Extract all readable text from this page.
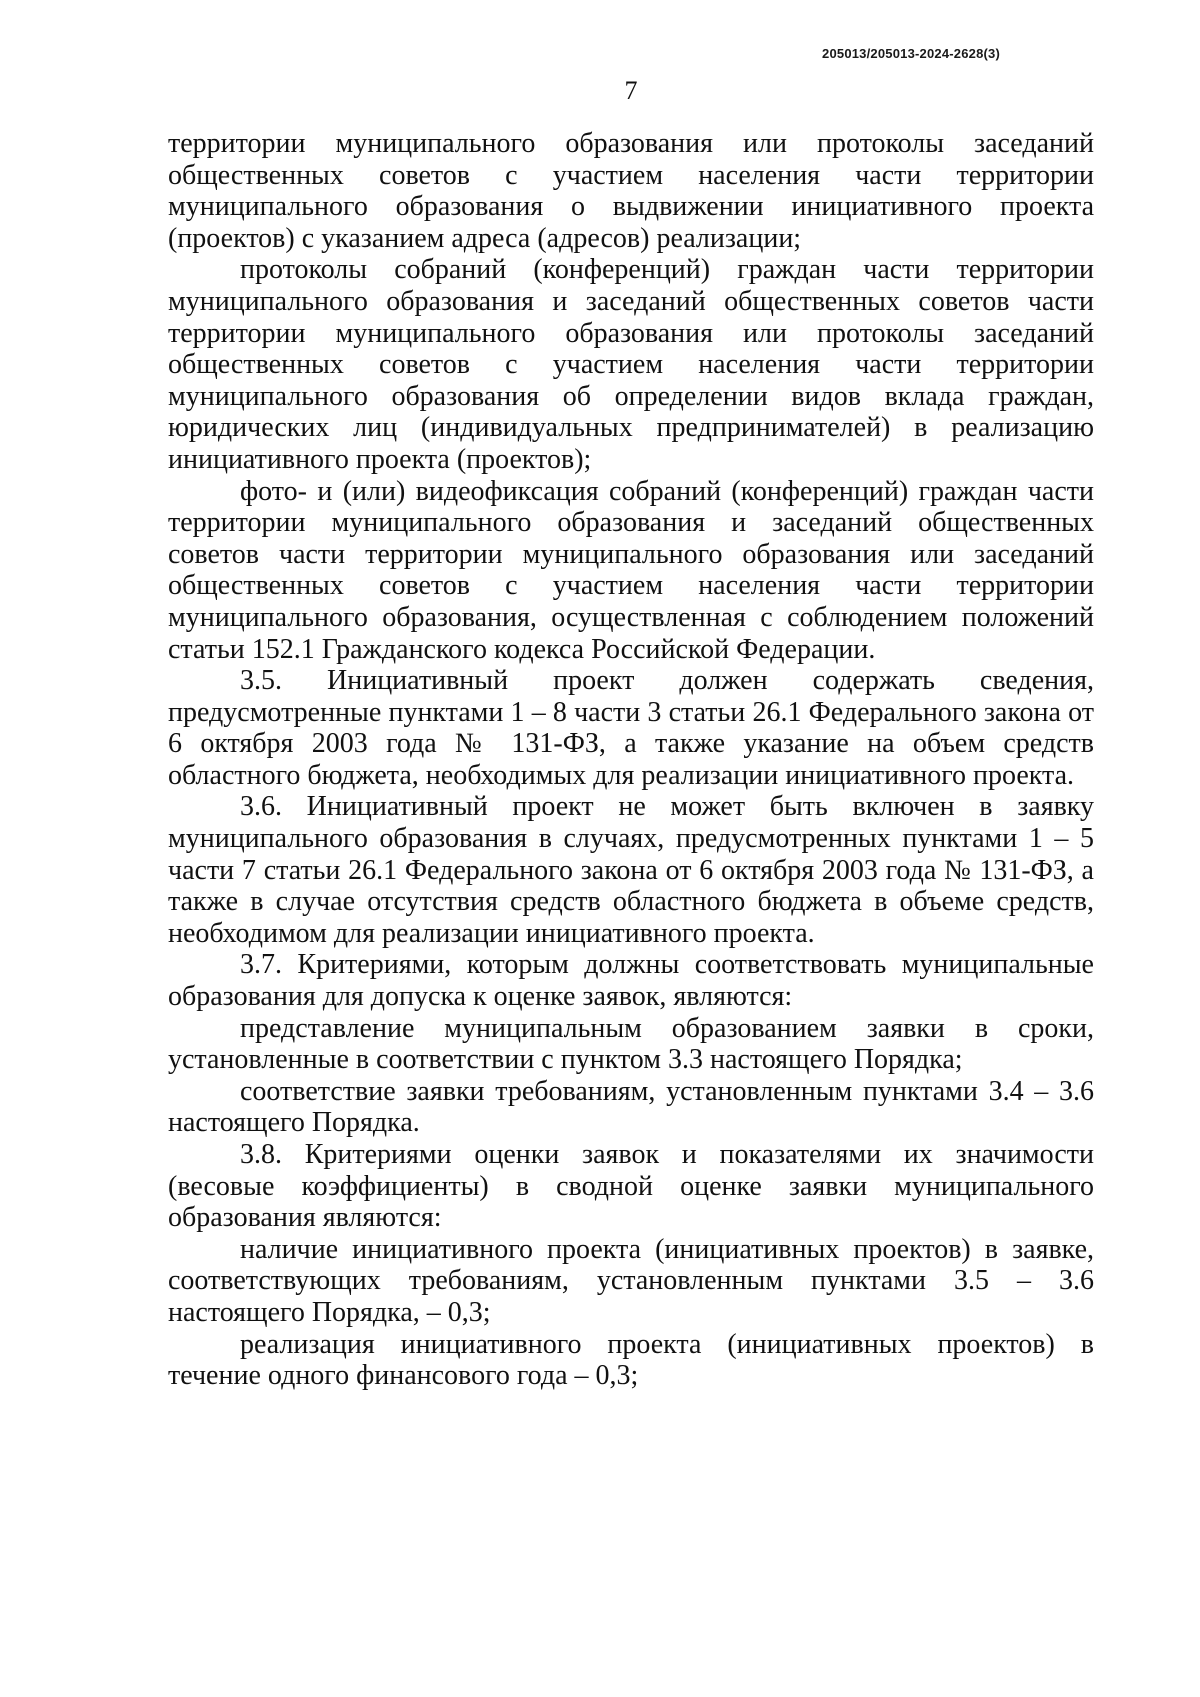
205013/205013-2024-2628(3)
7

территории муниципального образования или протоколы заседаний общественных советов с участием населения части территории муниципального образования о выдвижении инициативного проекта (проектов) с указанием адреса (адресов) реализации;

протоколы собраний (конференций) граждан части территории муниципального образования и заседаний общественных советов части территории муниципального образования или протоколы заседаний общественных советов с участием населения части территории муниципального образования об определении видов вклада граждан, юридических лиц (индивидуальных предпринимателей) в реализацию инициативного проекта (проектов);

фото- и (или) видеофиксация собраний (конференций) граждан части территории муниципального образования и заседаний общественных советов части территории муниципального образования или заседаний общественных советов с участием населения части территории муниципального образования, осуществленная с соблюдением положений статьи 152.1 Гражданского кодекса Российской Федерации.

3.5. Инициативный проект должен содержать сведения, предусмотренные пунктами 1 – 8 части 3 статьи 26.1 Федерального закона от 6 октября 2003 года № 131-ФЗ, а также указание на объем средств областного бюджета, необходимых для реализации инициативного проекта.

3.6. Инициативный проект не может быть включен в заявку муниципального образования в случаях, предусмотренных пунктами 1 – 5 части 7 статьи 26.1 Федерального закона от 6 октября 2003 года № 131-ФЗ, а также в случае отсутствия средств областного бюджета в объеме средств, необходимом для реализации инициативного проекта.

3.7. Критериями, которым должны соответствовать муниципальные образования для допуска к оценке заявок, являются:

представление муниципальным образованием заявки в сроки, установленные в соответствии с пунктом 3.3 настоящего Порядка;

соответствие заявки требованиям, установленным пунктами 3.4 – 3.6 настоящего Порядка.

3.8. Критериями оценки заявок и показателями их значимости (весовые коэффициенты) в сводной оценке заявки муниципального образования являются:

наличие инициативного проекта (инициативных проектов) в заявке, соответствующих требованиям, установленным пунктами 3.5 – 3.6 настоящего Порядка, – 0,3;

реализация инициативного проекта (инициативных проектов) в течение одного финансового года – 0,3;
